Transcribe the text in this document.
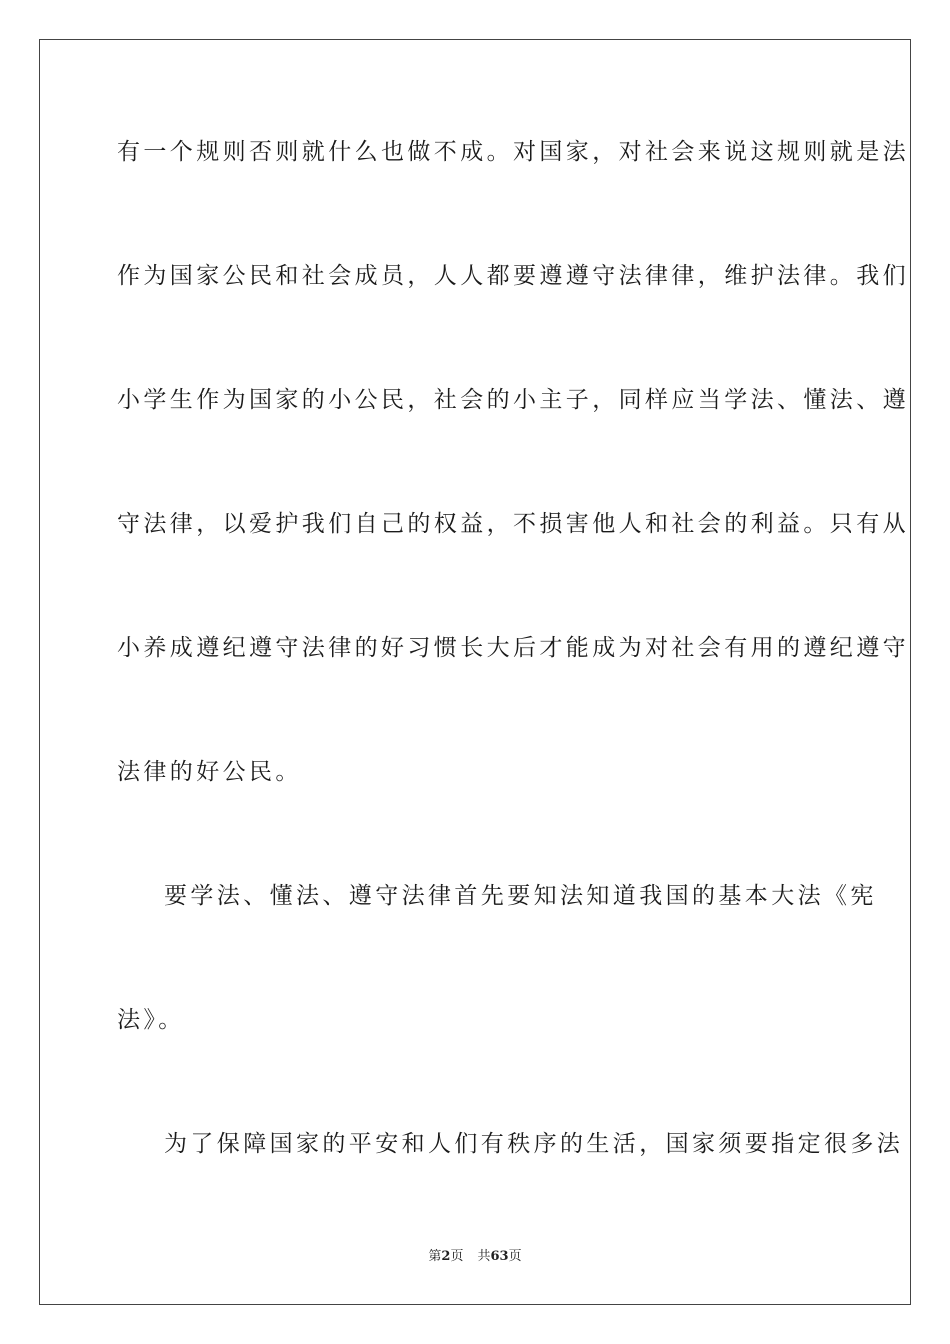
有一个规则否则就什么也做不成。对国家，对社会来说这规则就是法
作为国家公民和社会成员，人人都要遵遵守法律律，维护法律。我们
小学生作为国家的小公民，社会的小主子，同样应当学法、懂法、遵
守法律，以爱护我们自己的权益，不损害他人和社会的利益。只有从
小养成遵纪遵守法律的好习惯长大后才能成为对社会有用的遵纪遵守
法律的好公民。
要学法、懂法、遵守法律首先要知法知道我国的基本大法《宪
法》。
为了保障国家的平安和人们有秩序的生活，国家须要指定很多法
第2页 共63页
